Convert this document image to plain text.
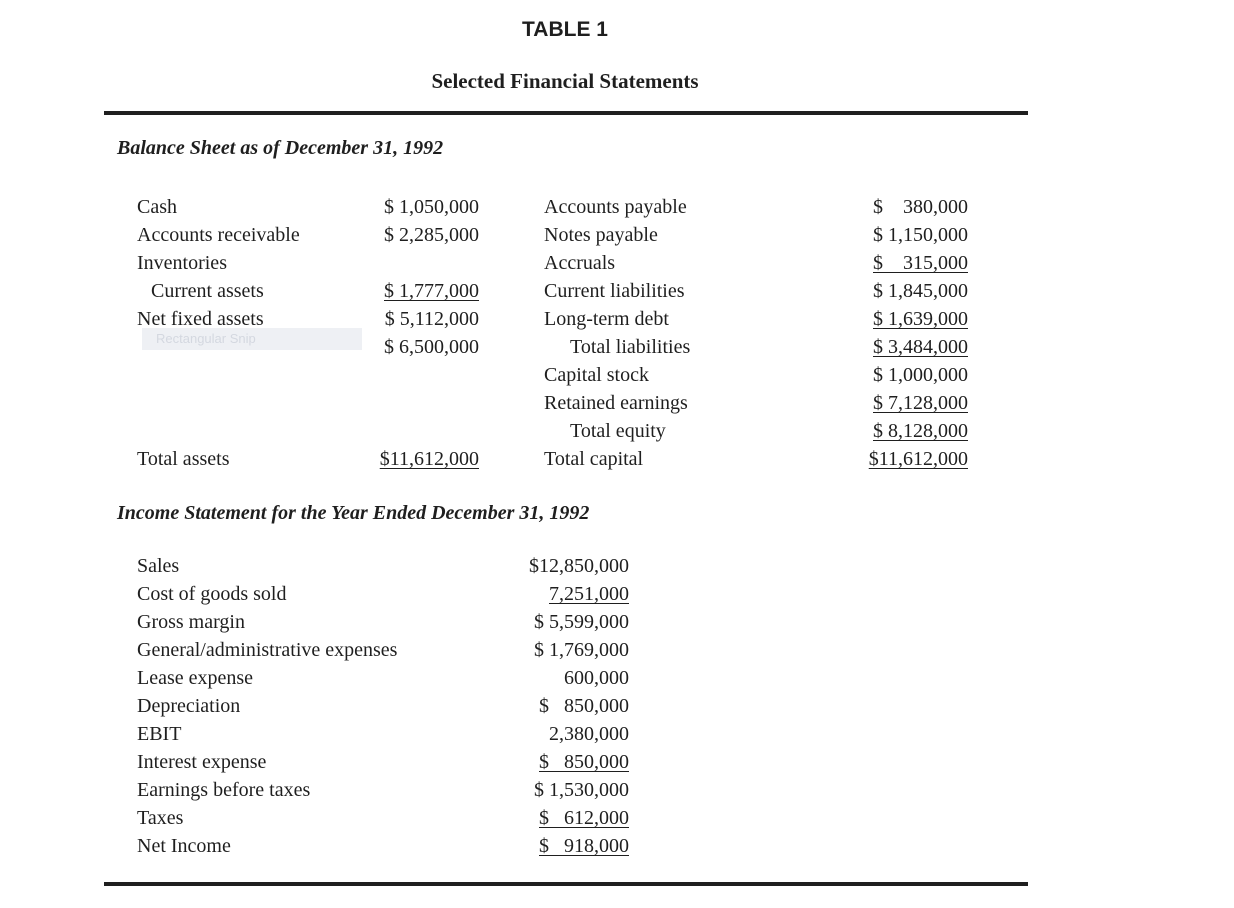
TABLE 1
Selected Financial Statements
Balance Sheet as of December 31, 1992
Rectangular Snip
Cash
Accounts receivable
Inventories
Current assets
Net fixed assets
Total assets
$ 1,050,000
$ 2,285,000
$ 1,777,000
$ 5,112,000
$ 6,500,000
$11,612,000
Accounts payable
Notes payable
Accruals
Current liabilities
Long-term debt
Total liabilities
Capital stock
Retained earnings
Total equity
Total capital
$    380,000
$ 1,150,000
$    315,000
$ 1,845,000
$ 1,639,000
$ 3,484,000
$ 1,000,000
$ 7,128,000
$ 8,128,000
$11,612,000
Income Statement for the Year Ended December 31, 1992
Sales
Cost of goods sold
Gross margin
General/administrative expenses
Lease expense
Depreciation
EBIT
Interest expense
Earnings before taxes
Taxes
Net Income
$12,850,000
7,251,000
$ 5,599,000
$ 1,769,000
600,000
$   850,000
2,380,000
$   850,000
$ 1,530,000
$   612,000
$   918,000
